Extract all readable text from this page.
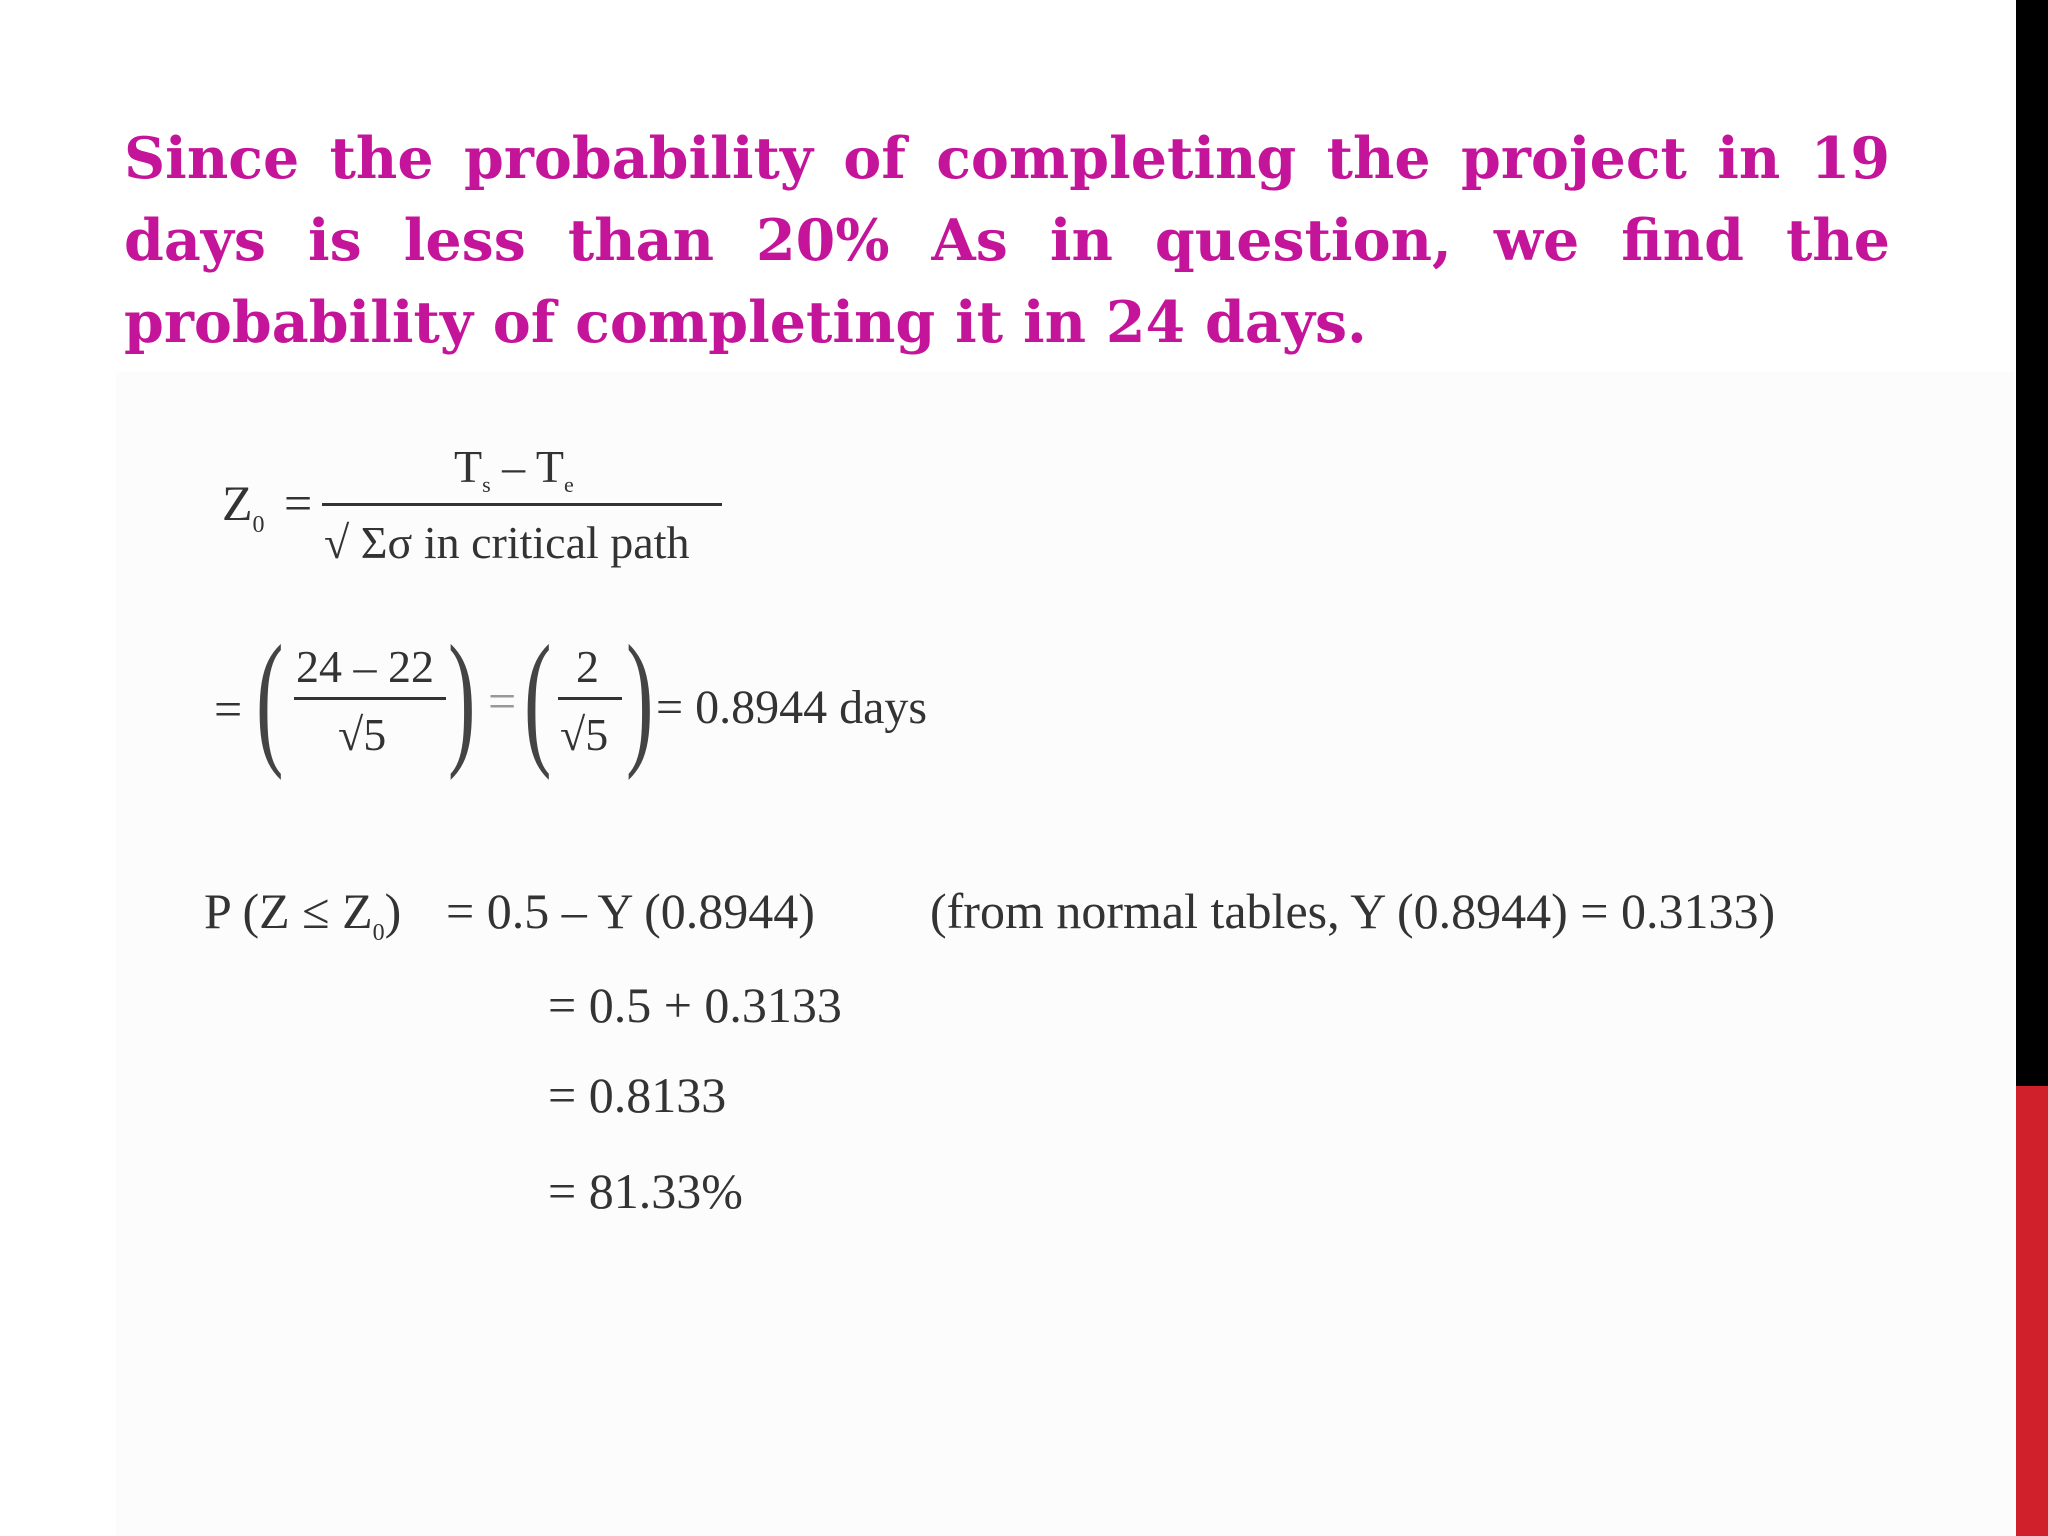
Since the probability of completing the project in 19 days is less than 20% As in question, we find the probability of completing it in 24 days.

$Z_0$ =
$T_s - T_e$
√ Σσ in critical path
= ( 24 – 22
√5 ) = ( 2
√5 ) = 0.8944 days
P $(Z \le Z_0) = 0.5 - Y$ (0.8944) (from normal tables, Y (0.8944) = 0.3133)
= 0.5 + 0.3133
= 0.8133
= 81.33%
